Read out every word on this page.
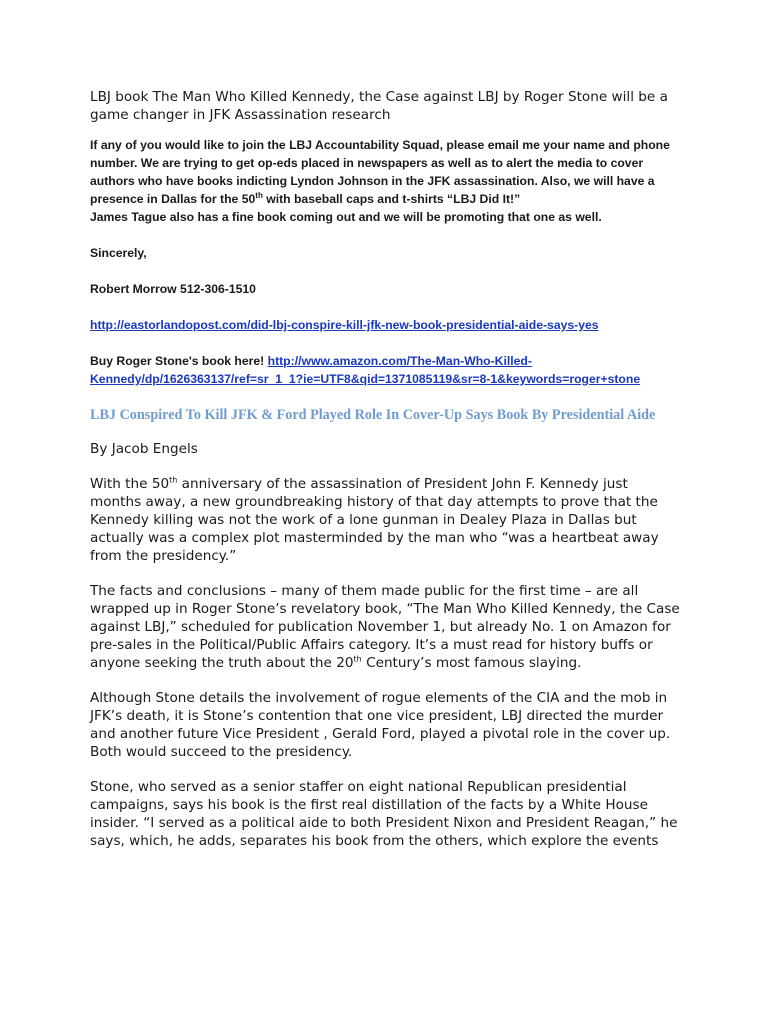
LBJ book The Man Who Killed Kennedy, the Case against LBJ by Roger Stone will be a game changer in JFK Assassination research

If any of you would like to join the LBJ Accountability Squad, please email me your name and phone number. We are trying to get op-eds placed in newspapers as well as to alert the media to cover authors who have books indicting Lyndon Johnson in the JFK assassination. Also, we will have a presence in Dallas for the 50th with baseball caps and t-shirts “LBJ Did It!”

James Tague also has a fine book coming out and we will be promoting that one as well.

Sincerely,

Robert Morrow 512-306-1510

http://eastorlandopost.com/did-lbj-conspire-kill-jfk-new-book-presidential-aide-says-yes

Buy Roger Stone's book here! http://www.amazon.com/The-Man-Who-Killed-Kennedy/dp/1626363137/ref=sr_1_1?ie=UTF8&qid=1371085119&sr=8-1&keywords=roger+stone

LBJ Conspired To Kill JFK & Ford Played Role In Cover-Up Says Book By Presidential Aide

By Jacob Engels

With the 50th anniversary of the assassination of President John F. Kennedy just months away, a new groundbreaking history of that day attempts to prove that the Kennedy killing was not the work of a lone gunman in Dealey Plaza in Dallas but actually was a complex plot masterminded by the man who “was a heartbeat away from the presidency.”

The facts and conclusions – many of them made public for the first time – are all wrapped up in Roger Stone’s revelatory book, “The Man Who Killed Kennedy, the Case against LBJ,” scheduled for publication November 1, but already No. 1 on Amazon for pre-sales in the Political/Public Affairs category. It’s a must read for history buffs or anyone seeking the truth about the 20th Century’s most famous slaying.

Although Stone details the involvement of rogue elements of the CIA and the mob in JFK’s death, it is Stone’s contention that one vice president, LBJ directed the murder and another future Vice President , Gerald Ford, played a pivotal role in the cover up. Both would succeed to the presidency.

Stone, who served as a senior staffer on eight national Republican presidential campaigns, says his book is the first real distillation of the facts by a White House insider. “I served as a political aide to both President Nixon and President Reagan,” he says, which, he adds, separates his book from the others, which explore the events
